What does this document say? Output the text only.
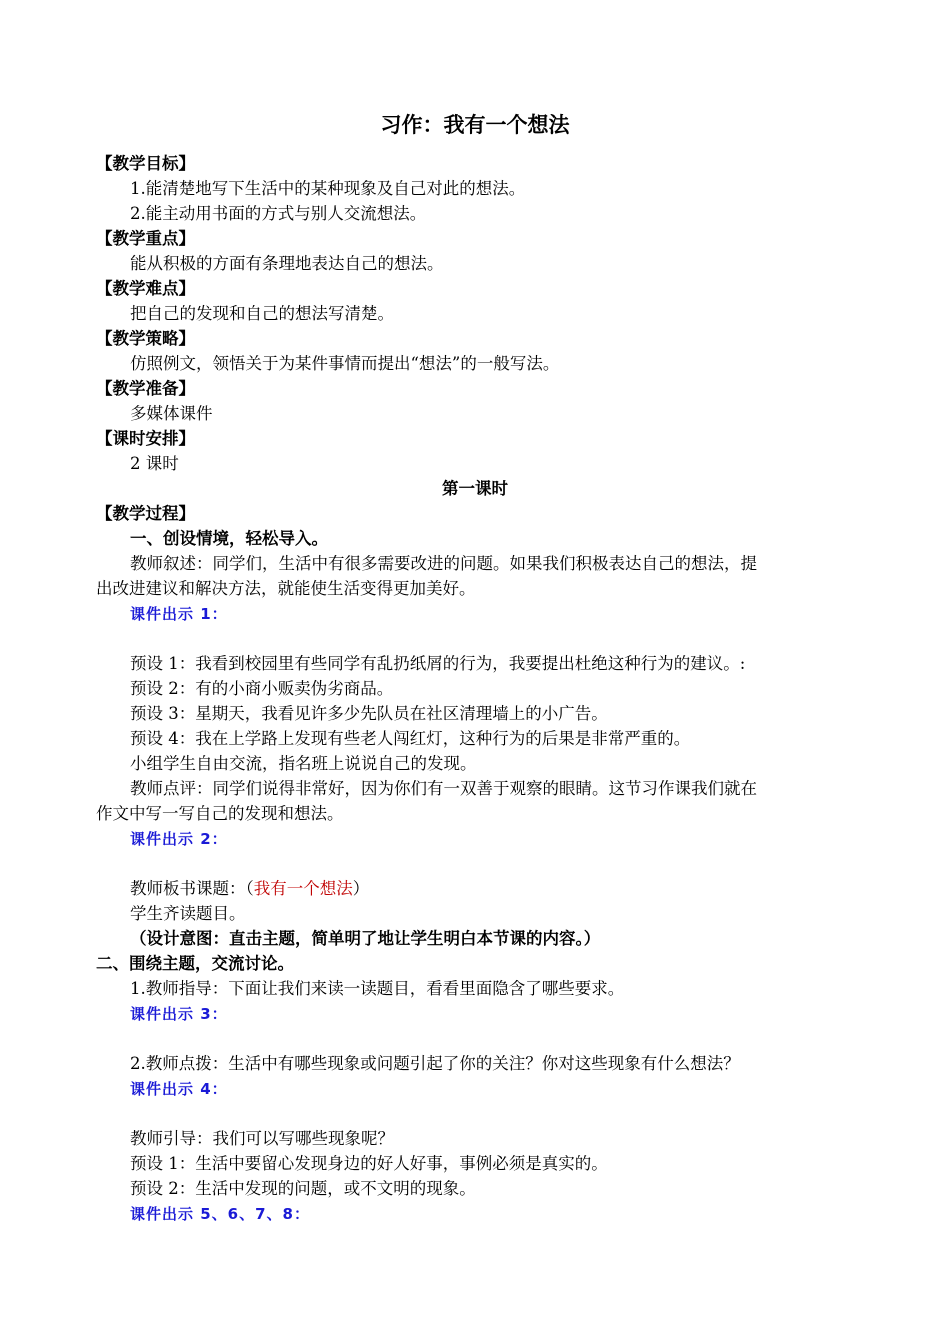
习作：我有一个想法
【教学目标】
1.能清楚地写下生活中的某种现象及自己对此的想法。
2.能主动用书面的方式与别人交流想法。
【教学重点】
能从积极的方面有条理地表达自己的想法。
【教学难点】
把自己的发现和自己的想法写清楚。
【教学策略】
仿照例文，领悟关于为某件事情而提出“想法”的一般写法。
【教学准备】
多媒体课件
【课时安排】
2 课时
第一课时
【教学过程】
一、创设情境，轻松导入。
教师叙述：同学们，生活中有很多需要改进的问题。如果我们积极表达自己的想法，提
出改进建议和解决方法，就能使生活变得更加美好。
课件出示 1：
预设 1：我看到校园里有些同学有乱扔纸屑的行为，我要提出杜绝这种行为的建议。:
预设 2：有的小商小贩卖伪劣商品。
预设 3：星期天，我看见许多少先队员在社区清理墙上的小广告。
预设 4：我在上学路上发现有些老人闯红灯，这种行为的后果是非常严重的。
小组学生自由交流，指名班上说说自己的发现。
教师点评：同学们说得非常好，因为你们有一双善于观察的眼睛。这节习作课我们就在
作文中写一写自己的发现和想法。
课件出示 2：
教师板书课题：（我有一个想法）
学生齐读题目。
（设计意图：直击主题，简单明了地让学生明白本节课的内容。）
二、围绕主题，交流讨论。
1.教师指导：下面让我们来读一读题目，看看里面隐含了哪些要求。
课件出示 3：
2.教师点拨：生活中有哪些现象或问题引起了你的关注？你对这些现象有什么想法？
课件出示 4：
教师引导：我们可以写哪些现象呢？
预设 1：生活中要留心发现身边的好人好事，事例必须是真实的。
预设 2：生活中发现的问题，或不文明的现象。
课件出示 5、6、7、8：
